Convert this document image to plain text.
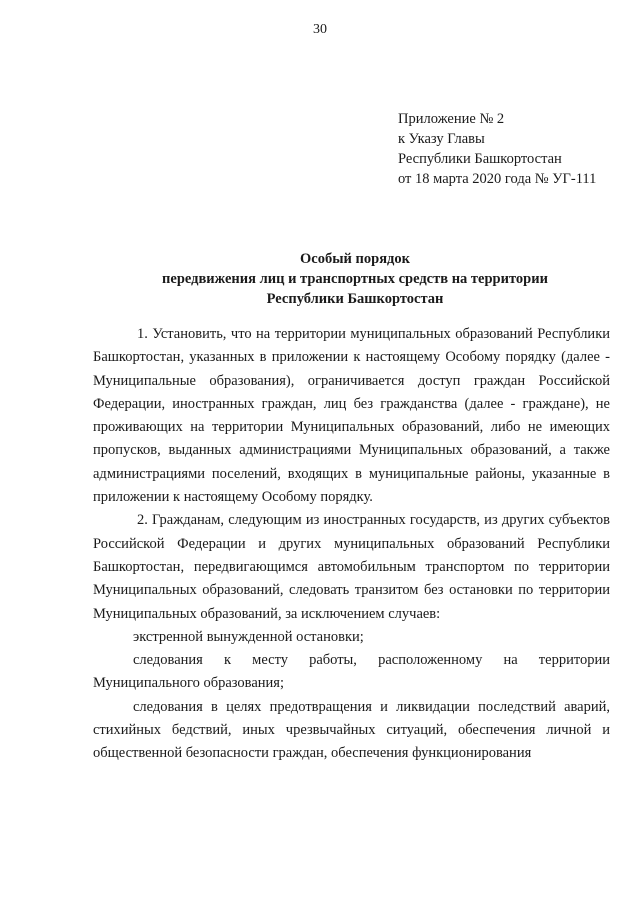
30
Приложение № 2
к Указу Главы
Республики Башкортостан
от 18 марта 2020 года № УГ-111
Особый порядок
передвижения лиц и транспортных средств на территории
Республики Башкортостан

1. Установить, что на территории муниципальных образований Республики Башкортостан, указанных в приложении к настоящему Особому порядку (далее - Муниципальные образования), ограничивается доступ граждан Российской Федерации, иностранных граждан, лиц без гражданства (далее - граждане), не проживающих на территории Муниципальных образований, либо не имеющих пропусков, выданных администрациями Муниципальных образований, а также администрациями поселений, входящих в муниципальные районы, указанные в приложении к настоящему Особому порядку.

2. Гражданам, следующим из иностранных государств, из других субъектов Российской Федерации и других муниципальных образований Республики Башкортостан, передвигающимся автомобильным транспортом по территории Муниципальных образований, следовать транзитом без остановки по территории Муниципальных образований, за исключением случаев:

экстренной вынужденной остановки;

следования к месту работы, расположенному на территории Муниципального образования;

следования в целях предотвращения и ликвидации последствий аварий, стихийных бедствий, иных чрезвычайных ситуаций, обеспечения личной и общественной безопасности граждан, обеспечения функционирования
